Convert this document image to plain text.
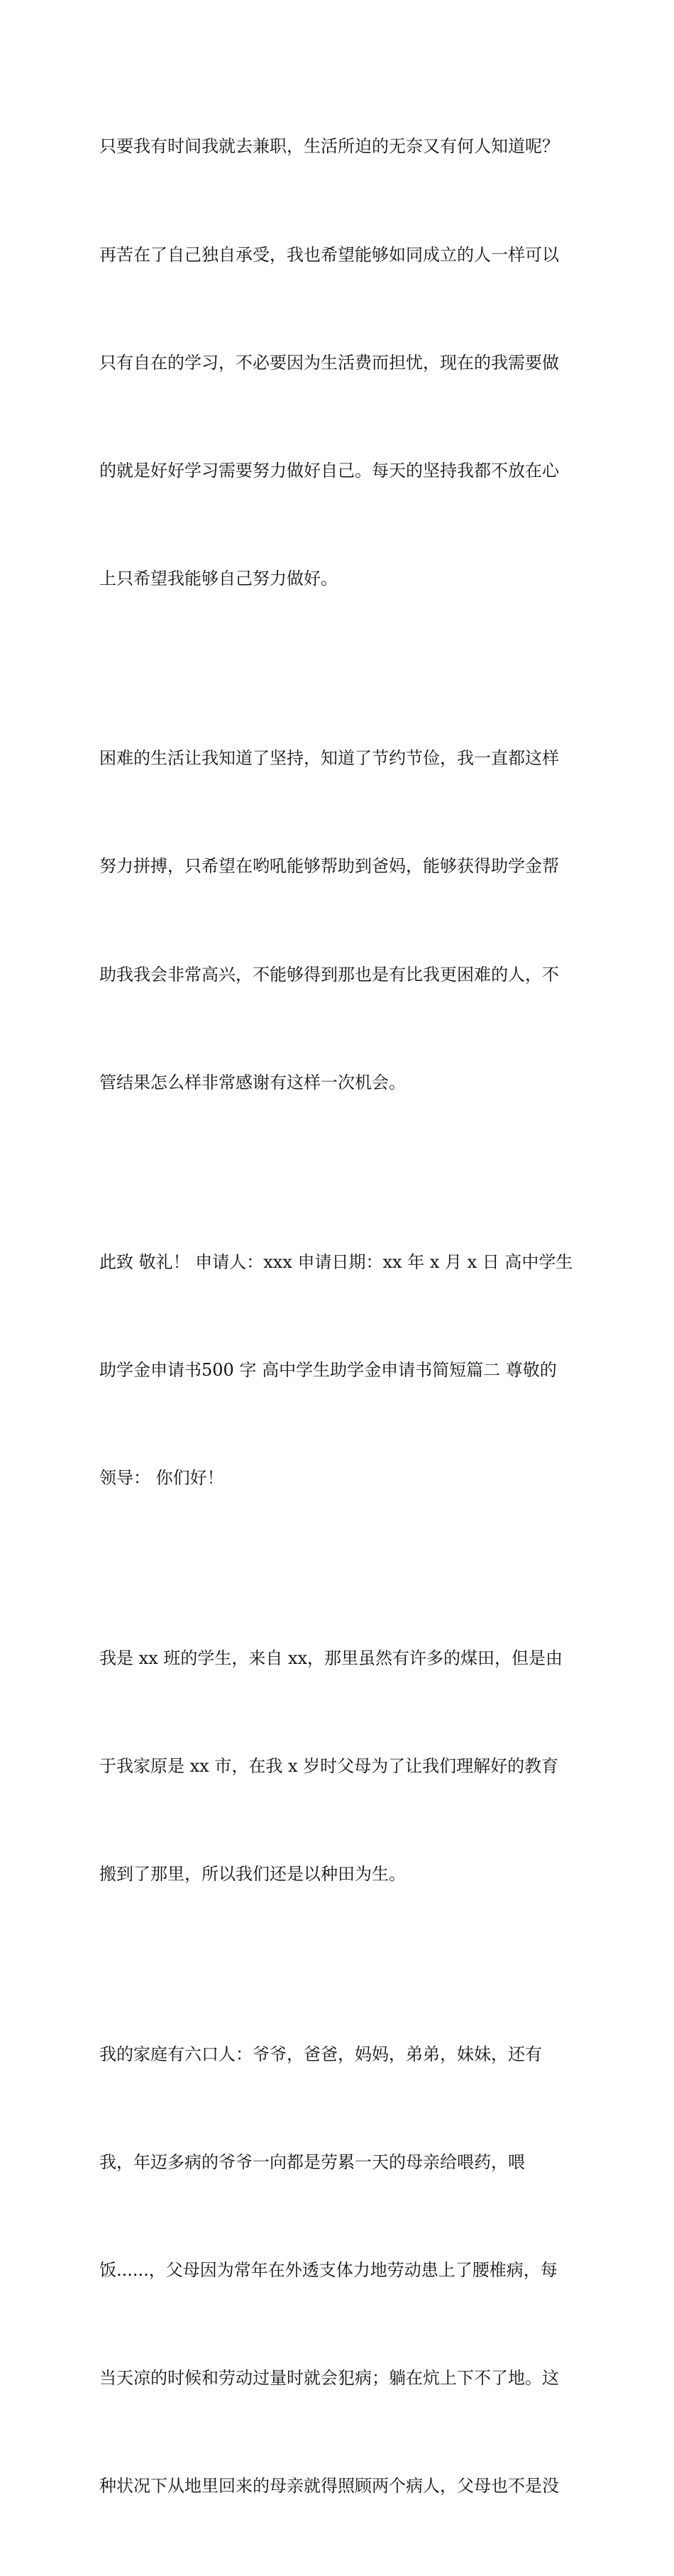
只要我有时间我就去兼职，生活所迫的无奈又有何人知道呢？

再苦在了自己独自承受，我也希望能够如同成立的人一样可以

只有自在的学习，不必要因为生活费而担忧，现在的我需要做

的就是好好学习需要努力做好自己。每天的坚持我都不放在心

上只希望我能够自己努力做好。

困难的生活让我知道了坚持，知道了节约节俭，我一直都这样

努力拼搏，只希望在哟吼能够帮助到爸妈，能够获得助学金帮

助我我会非常高兴，不能够得到那也是有比我更困难的人，不

管结果怎么样非常感谢有这样一次机会。

此致 敬礼！ 申请人：xxx 申请日期：xx 年 x 月 x 日 高中学生

助学金申请书500 字 高中学生助学金申请书简短篇二 尊敬的

领导： 你们好！

我是 xx 班的学生，来自 xx，那里虽然有许多的煤田，但是由

于我家原是 xx 市，在我 x 岁时父母为了让我们理解好的教育

搬到了那里，所以我们还是以种田为生。

我的家庭有六口人：爷爷，爸爸，妈妈，弟弟，妹妹，还有

我，年迈多病的爷爷一向都是劳累一天的母亲给喂药，喂

饭......，父母因为常年在外透支体力地劳动患上了腰椎病，每

当天凉的时候和劳动过量时就会犯病；躺在炕上下不了地。这

种状况下从地里回来的母亲就得照顾两个病人，父母也不是没
